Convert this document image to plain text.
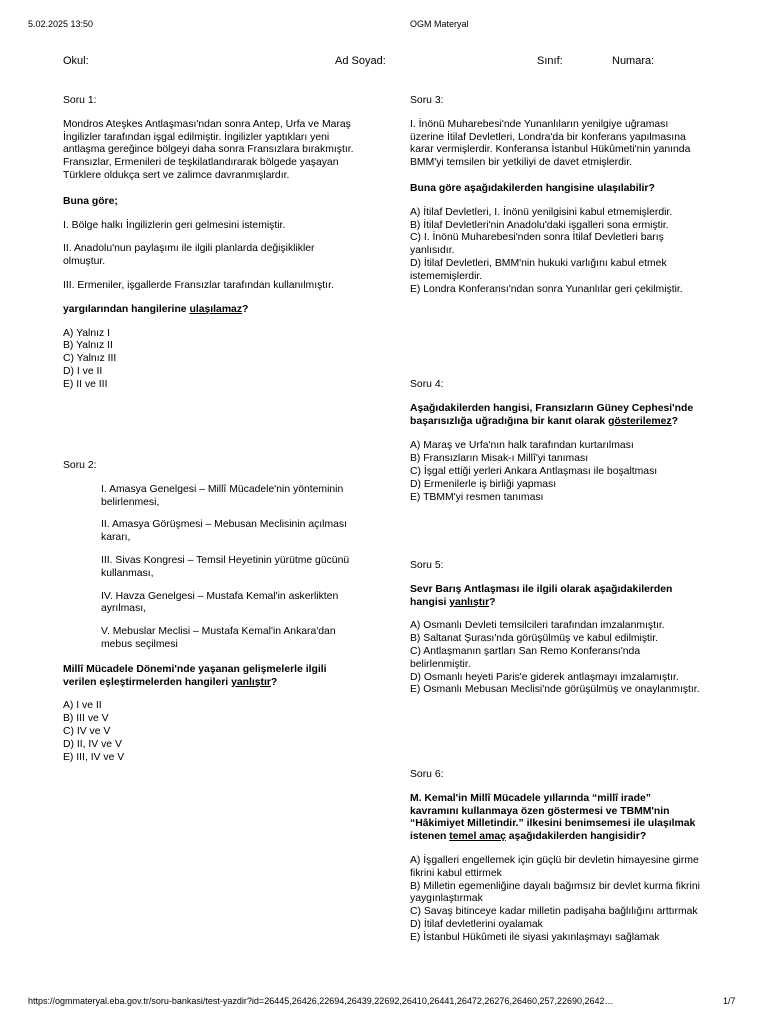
5.02.2025 13:50	OGM Materyal
Okul:	Ad Soyad:	Sınıf:	Numara:

Soru 1:

Mondros Ateşkes Antlaşması'ndan sonra Antep, Urfa ve Maraş İngilizler tarafından işgal edilmiştir. İngilizler yaptıkları yeni antlaşma gereğince bölgeyi daha sonra Fransızlara bırakmıştır. Fransızlar, Ermenileri de teşkilatlandırarak bölgede yaşayan Türklere oldukça sert ve zalimce davranmışlardır.

Buna göre;

I. Bölge halkı İngilizlerin geri gelmesini istemiştir.

II. Anadolu'nun paylaşımı ile ilgili planlarda değişiklikler olmuştur.

III. Ermeniler, işgallerde Fransızlar tarafından kullanılmıştır.

yargılarından hangilerine ulaşılamaz?

A) Yalnız I
B) Yalnız II
C) Yalnız III
D) I ve II
E) II ve III

Soru 2:

I. Amasya Genelgesi – Millî Mücadele'nin yönteminin belirlenmesi,

II. Amasya Görüşmesi – Mebusan Meclisinin açılması kararı,

III. Sivas Kongresi – Temsil Heyetinin yürütme gücünü kullanması,

IV. Havza Genelgesi – Mustafa Kemal'in askerlikten ayrılması,

V. Mebuslar Meclisi – Mustafa Kemal'in Ankara'dan mebus seçilmesi

Millî Mücadele Dönemi'nde yaşanan gelişmelerle ilgili verilen eşleştirmelerden hangileri yanlıştır?

A) I ve II
B) III ve V
C) IV ve V
D) II, IV ve V
E) III, IV ve V

Soru 3:

I. İnönü Muharebesi'nde Yunanlıların yenilgiye uğraması üzerine İtilaf Devletleri, Londra'da bir konferans yapılmasına karar vermişlerdir. Konferansa İstanbul Hükûmeti'nin yanında BMM'yi temsilen bir yetkiliyi de davet etmişlerdir.

Buna göre aşağıdakilerden hangisine ulaşılabilir?

A) İtilaf Devletleri, I. İnönü yenilgisini kabul etmemişlerdir.
B) İtilaf Devletleri'nin Anadolu'daki işgalleri sona ermiştir.
C) I. İnönü Muharebesi'nden sonra İtilaf Devletleri barış yanlısıdır.
D) İtilaf Devletleri, BMM'nin hukuki varlığını kabul etmek istememişlerdir.
E) Londra Konferansı'ndan sonra Yunanlılar geri çekilmiştir.

Soru 4:

Aşağıdakilerden hangisi, Fransızların Güney Cephesi'nde başarısızlığa uğradığına bir kanıt olarak gösterilemez?

A) Maraş ve Urfa'nın halk tarafından kurtarılması
B) Fransızların Misak-ı Millî'yi tanıması
C) İşgal ettiği yerleri Ankara Antlaşması ile boşaltması
D) Ermenilerle iş birliği yapması
E) TBMM'yi resmen tanıması

Soru 5:

Sevr Barış Antlaşması ile ilgili olarak aşağıdakilerden hangisi yanlıştır?

A) Osmanlı Devleti temsilcileri tarafından imzalanmıştır.
B) Saltanat Şurası'nda görüşülmüş ve kabul edilmiştir.
C) Antlaşmanın şartları San Remo Konferansı'nda belirlenmiştir.
D) Osmanlı heyeti Paris'e giderek antlaşmayı imzalamıştır.
E) Osmanlı Mebusan Meclisi'nde görüşülmüş ve onaylanmıştır.

Soru 6:

M. Kemal'in Millî Mücadele yıllarında “millî irade” kavramını kullanmaya özen göstermesi ve TBMM'nin “Hâkimiyet Milletindir.” ilkesini benimsemesi ile ulaşılmak istenen temel amaç aşağıdakilerden hangisidir?

A) İşgalleri engellemek için güçlü bir devletin himayesine girme fikrini kabul ettirmek
B) Milletin egemenliğine dayalı bağımsız bir devlet kurma fikrini yaygınlaştırmak
C) Savaş bitinceye kadar milletin padişaha bağlılığını arttırmak
D) İtilaf devletlerini oyalamak
E) İstanbul Hükûmeti ile siyasi yakınlaşmayı sağlamak
https://ogmmateryal.eba.gov.tr/soru-bankasi/test-yazdir?id=26445,26426,22694,26439,22692,26410,26441,26472,26276,26460,257,22690,2642…	1/7
